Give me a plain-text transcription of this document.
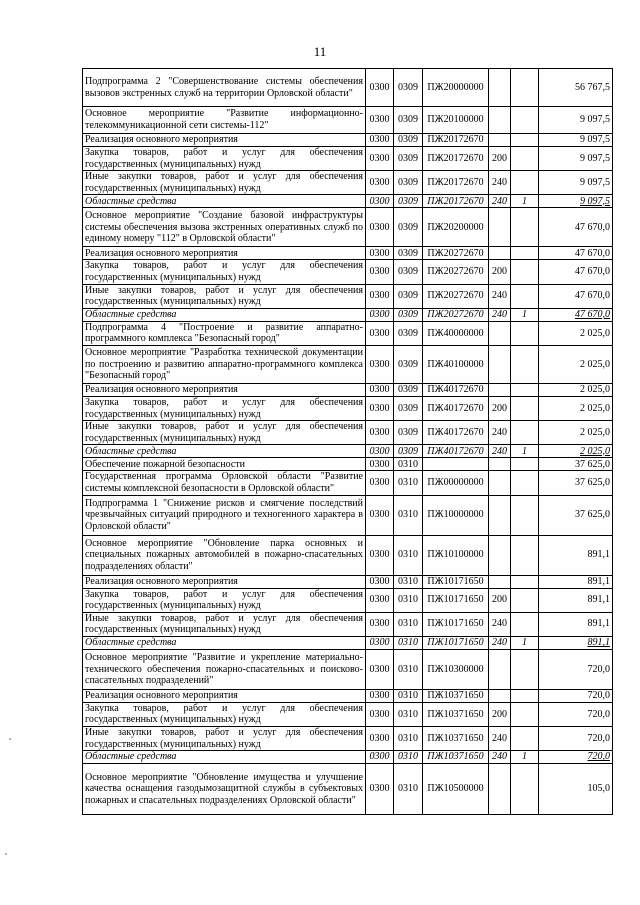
11
Подпрограмма 2 "Совершенствование системы обеспечения вызовов экстренных служб на территории Орловской области"	0300	0309	ПЖ20000000			56 767,5
Основное мероприятие "Развитие информационно-телекоммуникационной сети системы-112"	0300	0309	ПЖ20100000			9 097,5
Реализация основного мероприятия	0300	0309	ПЖ20172670			9 097,5
Закупка товаров, работ и услуг для обеспечения государственных (муниципальных) нужд	0300	0309	ПЖ20172670	200		9 097,5
Иные закупки товаров, работ и услуг для обеспечения государственных (муниципальных) нужд	0300	0309	ПЖ20172670	240		9 097,5
Областные средства	0300	0309	ПЖ20172670	240	1	9 097,5
Основное мероприятие "Создание базовой инфраструктуры системы обеспечения вызова экстренных оперативных служб по единому номеру "112" в Орловской области"	0300	0309	ПЖ20200000			47 670,0
Реализация основного мероприятия	0300	0309	ПЖ20272670			47 670,0
Закупка товаров, работ и услуг для обеспечения государственных (муниципальных) нужд	0300	0309	ПЖ20272670	200		47 670,0
Иные закупки товаров, работ и услуг для обеспечения государственных (муниципальных) нужд	0300	0309	ПЖ20272670	240		47 670,0
Областные средства	0300	0309	ПЖ20272670	240	1	47 670,0
Подпрограмма 4 "Построение и развитие аппаратно-программного комплекса "Безопасный город"	0300	0309	ПЖ40000000			2 025,0
Основное мероприятие "Разработка технической документации по построению и развитию аппаратно-программного комплекса "Безопасный город"	0300	0309	ПЖ40100000			2 025,0
Реализация основного мероприятия	0300	0309	ПЖ40172670			2 025,0
Закупка товаров, работ и услуг для обеспечения государственных (муниципальных) нужд	0300	0309	ПЖ40172670	200		2 025,0
Иные закупки товаров, работ и услуг для обеспечения государственных (муниципальных) нужд	0300	0309	ПЖ40172670	240		2 025,0
Областные средства	0300	0309	ПЖ40172670	240	1	2 025,0
Обеспечение пожарной безопасности	0300	0310				37 625,0
Государственная программа Орловской области "Развитие системы комплексной безопасности в Орловской области"	0300	0310	ПЖ00000000			37 625,0
Подпрограмма 1 "Снижение рисков и смягчение последствий чрезвычайных ситуаций природного и техногенного характера в Орловской области"	0300	0310	ПЖ10000000			37 625,0
Основное мероприятие "Обновление парка основных и специальных пожарных автомобилей в пожарно-спасательных подразделениях области"	0300	0310	ПЖ10100000			891,1
Реализация основного мероприятия	0300	0310	ПЖ10171650			891,1
Закупка товаров, работ и услуг для обеспечения государственных (муниципальных) нужд	0300	0310	ПЖ10171650	200		891,1
Иные закупки товаров, работ и услуг для обеспечения государственных (муниципальных) нужд	0300	0310	ПЖ10171650	240		891,1
Областные средства	0300	0310	ПЖ10171650	240	1	891,1
Основное мероприятие "Развитие и укрепление материально-технического обеспечения пожарно-спасательных и поисково-спасательных подразделений"	0300	0310	ПЖ10300000			720,0
Реализация основного мероприятия	0300	0310	ПЖ10371650			720,0
Закупка товаров, работ и услуг для обеспечения государственных (муниципальных) нужд	0300	0310	ПЖ10371650	200		720,0
Иные закупки товаров, работ и услуг для обеспечения государственных (муниципальных) нужд	0300	0310	ПЖ10371650	240		720,0
Областные средства	0300	0310	ПЖ10371650	240	1	720,0
Основное мероприятие "Обновление имущества и улучшение качества оснащения газодымозащитной службы в субъектовых пожарных и спасательных подразделениях Орловской области"	0300	0310	ПЖ10500000			105,0
